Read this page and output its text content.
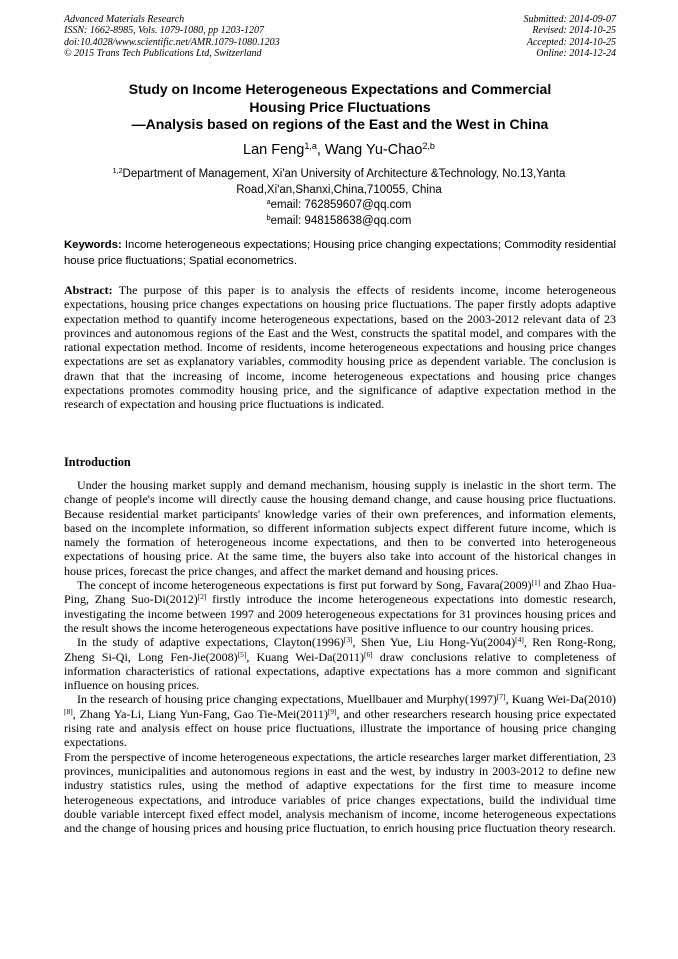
Advanced Materials Research
ISSN: 1662-8985, Vols. 1079-1080, pp 1203-1207
doi:10.4028/www.scientific.net/AMR.1079-1080.1203
© 2015 Trans Tech Publications Ltd, Switzerland
Submitted: 2014-09-07
Revised: 2014-10-25
Accepted: 2014-10-25
Online: 2014-12-24
Study on Income Heterogeneous Expectations and Commercial Housing Price Fluctuations
—Analysis based on regions of the East and the West in China
Lan Feng$^{1,a}$, Wang Yu-Chao$^{2,b}$
$^{1,2}$Department of Management, Xi'an University of Architecture &Technology, No.13,Yanta Road,Xi'an,Shanxi,China,710055, China
$^a$email: 762859607@qq.com
$^b$email: 948158638@qq.com
Keywords: Income heterogeneous expectations; Housing price changing expectations; Commodity residential house price fluctuations; Spatial econometrics.
Abstract: The purpose of this paper is to analysis the effects of residents income, income heterogeneous expectations, housing price changes expectations on housing price fluctuations. The paper firstly adopts adaptive expectation method to quantify income heterogeneous expectations, based on the 2003-2012 relevant data of 23 provinces and autonomous regions of the East and the West, constructs the spatital model, and compares with the rational expectation method. Income of residents, income heterogeneous expectations and housing price changes expectations are set as explanatory variables, commodity housing price as dependent variable. The conclusion is drawn that that the increasing of income, income heterogeneous expectations and housing price changes expectations promotes commodity housing price, and the significance of adaptive expectation method in the research of expectation and housing price fluctuations is indicated.
Introduction

Under the housing market supply and demand mechanism, housing supply is inelastic in the short term. The change of people's income will directly cause the housing demand change, and cause housing price fluctuations. Because residential market participants' knowledge varies of their own preferences, and information elements, based on the incomplete information, so different information subjects expect different future income, which is namely the formation of heterogeneous income expectations, and then to be converted into heterogeneous expectations of housing price. At the same time, the buyers also take into account of the historical changes in house prices, forecast the price changes, and affect the market demand and housing prices.

The concept of income heterogeneous expectations is first put forward by Song, Favara(2009)[1] and Zhao Hua-Ping, Zhang Suo-Di(2012)[2] firstly introduce the income heterogeneous expectations into domestic research, investigating the income between 1997 and 2009 heterogeneous expectations for 31 provinces housing prices and the result shows the income heterogeneous expectations have positive influence to our country housing prices.

In the study of adaptive expectations, Clayton(1996)[3], Shen Yue, Liu Hong-Yu(2004)[4], Ren Rong-Rong, Zheng Si-Qi, Long Fen-Jie(2008)[5], Kuang Wei-Da(2011)[6] draw conclusions relative to completeness of information characteristics of rational expectations, adaptive expectations has a more common and significant influence on housing prices.

In the research of housing price changing expectations, Muellbauer and Murphy(1997)[7], Kuang Wei-Da(2010)[8], Zhang Ya-Li, Liang Yun-Fang, Gao Tie-Mei(2011)[9], and other researchers research housing price expectated rising rate and analysis effect on house price fluctuations, illustrate the importance of housing price changing expectations.

From the perspective of income heterogeneous expectations, the article researches larger market differentiation, 23 provinces, municipalities and autonomous regions in east and the west, by industry in 2003-2012 to define new industry statistics rules, using the method of adaptive expectations for the first time to measure income heterogeneous expectations, and introduce variables of price changes expectations, build the individual time double variable intercept fixed effect model, analysis mechanism of income, income heterogeneous expectations and the change of housing prices and housing price fluctuation, to enrich housing price fluctuation theory research.
